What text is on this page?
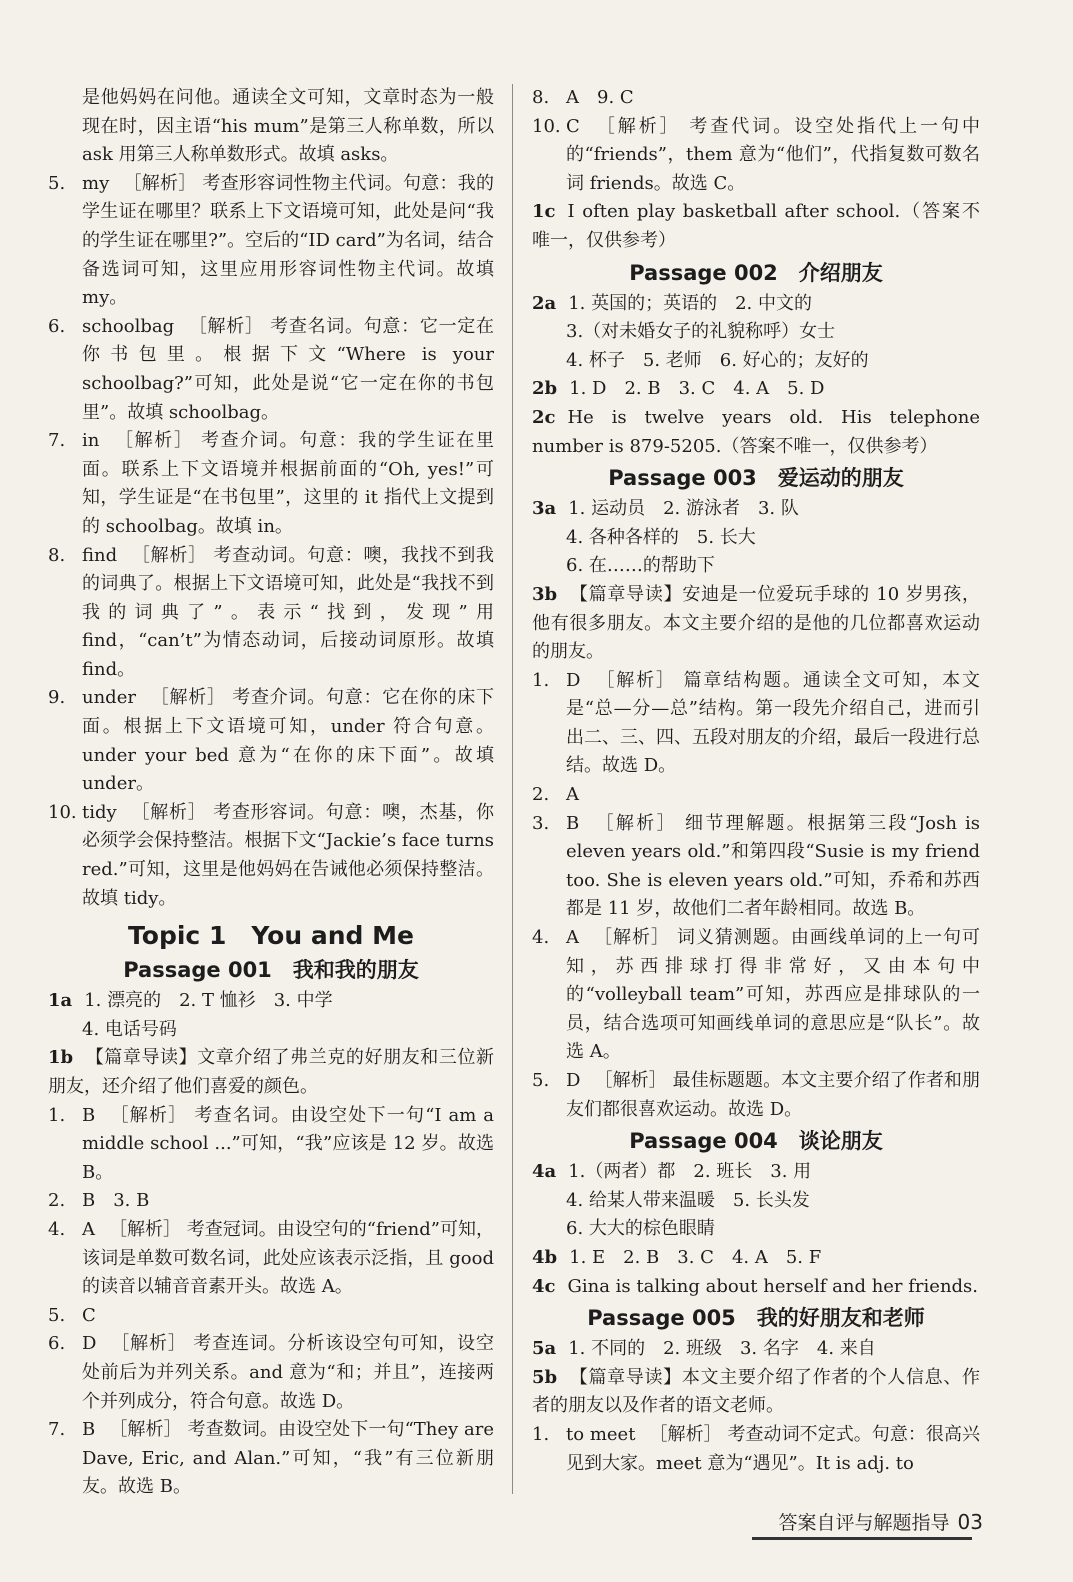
是他妈妈在问他。通读全文可知，文章时态为一般现在时，因主语“his mum”是第三人称单数，所以 ask 用第三人称单数形式。故填 asks。
5. my ［解析］ 考查形容词性物主代词。句意：我的学生证在哪里？联系上下文语境可知，此处是问“我的学生证在哪里?”。空后的“ID card”为名词，结合备选词可知，这里应用形容词性物主代词。故填 my。
6. schoolbag ［解析］ 考查名词。句意：它一定在你书包里。根据下文“Where is your schoolbag?”可知，此处是说“它一定在你的书包里”。故填 schoolbag。
7. in ［解析］ 考查介词。句意：我的学生证在里面。联系上下文语境并根据前面的“Oh, yes!”可知，学生证是“在书包里”，这里的 it 指代上文提到的 schoolbag。故填 in。
8. find ［解析］ 考查动词。句意：噢，我找不到我的词典了。根据上下文语境可知，此处是“我找不到我的词典了”。表示“找到，发现”用 find，“can’t”为情态动词，后接动词原形。故填 find。
9. under ［解析］ 考查介词。句意：它在你的床下面。根据上下文语境可知，under 符合句意。under your bed 意为“在你的床下面”。故填 under。
10. tidy ［解析］ 考查形容词。句意：噢，杰基，你必须学会保持整洁。根据下文“Jackie’s face turns red.”可知，这里是他妈妈在告诫他必须保持整洁。故填 tidy。
Topic 1　You and Me
Passage 001　我和我的朋友
1a 1. 漂亮的　2. T 恤衫　3. 中学
4. 电话号码
1b 【篇章导读】文章介绍了弗兰克的好朋友和三位新朋友，还介绍了他们喜爱的颜色。
1. B ［解析］ 考查名词。由设空处下一句“I am a middle school ...”可知，“我”应该是 12 岁。故选 B。
2. B　3. B
4. A ［解析］ 考查冠词。由设空句的“friend”可知，该词是单数可数名词，此处应该表示泛指，且 good 的读音以辅音音素开头。故选 A。
5. C
6. D ［解析］ 考查连词。分析该设空句可知，设空处前后为并列关系。and 意为“和；并且”，连接两个并列成分，符合句意。故选 D。
7. B ［解析］ 考查数词。由设空处下一句“They are Dave, Eric, and Alan.”可知，“我”有三位新朋友。故选 B。
8. A　9. C
10. C ［解析］ 考查代词。设空处指代上一句中的“friends”，them 意为“他们”，代指复数可数名词 friends。故选 C。
1c I often play basketball after school.（答案不唯一，仅供参考）
Passage 002　介绍朋友
2a 1. 英国的；英语的　2. 中文的
3.（对未婚女子的礼貌称呼）女士
4. 杯子　5. 老师　6. 好心的；友好的
2b 1. D　2. B　3. C　4. A　5. D
2c He is twelve years old. His telephone number is 879-5205.（答案不唯一，仅供参考）
Passage 003　爱运动的朋友
3a 1. 运动员　2. 游泳者　3. 队
4. 各种各样的　5. 长大
6. 在……的帮助下
3b 【篇章导读】安迪是一位爱玩手球的 10 岁男孩，他有很多朋友。本文主要介绍的是他的几位都喜欢运动的朋友。
1. D ［解析］ 篇章结构题。通读全文可知，本文是“总—分—总”结构。第一段先介绍自己，进而引出二、三、四、五段对朋友的介绍，最后一段进行总结。故选 D。
2. A
3. B ［解析］ 细节理解题。根据第三段“Josh is eleven years old.”和第四段“Susie is my friend too. She is eleven years old.”可知，乔希和苏西都是 11 岁，故他们二者年龄相同。故选 B。
4. A ［解析］ 词义猜测题。由画线单词的上一句可知，苏西排球打得非常好，又由本句中的“volleyball team”可知，苏西应是排球队的一员，结合选项可知画线单词的意思应是“队长”。故选 A。
5. D ［解析］ 最佳标题题。本文主要介绍了作者和朋友们都很喜欢运动。故选 D。
Passage 004　谈论朋友
4a 1.（两者）都　2. 班长　3. 用
4. 给某人带来温暖　5. 长头发
6. 大大的棕色眼睛
4b 1. E　2. B　3. C　4. A　5. F
4c Gina is talking about herself and her friends.
Passage 005　我的好朋友和老师
5a 1. 不同的　2. 班级　3. 名字　4. 来自
5b 【篇章导读】本文主要介绍了作者的个人信息、作者的朋友以及作者的语文老师。
1. to meet ［解析］ 考查动词不定式。句意：很高兴见到大家。meet 意为“遇见”。It is adj. to
答案自评与解题指导 03
